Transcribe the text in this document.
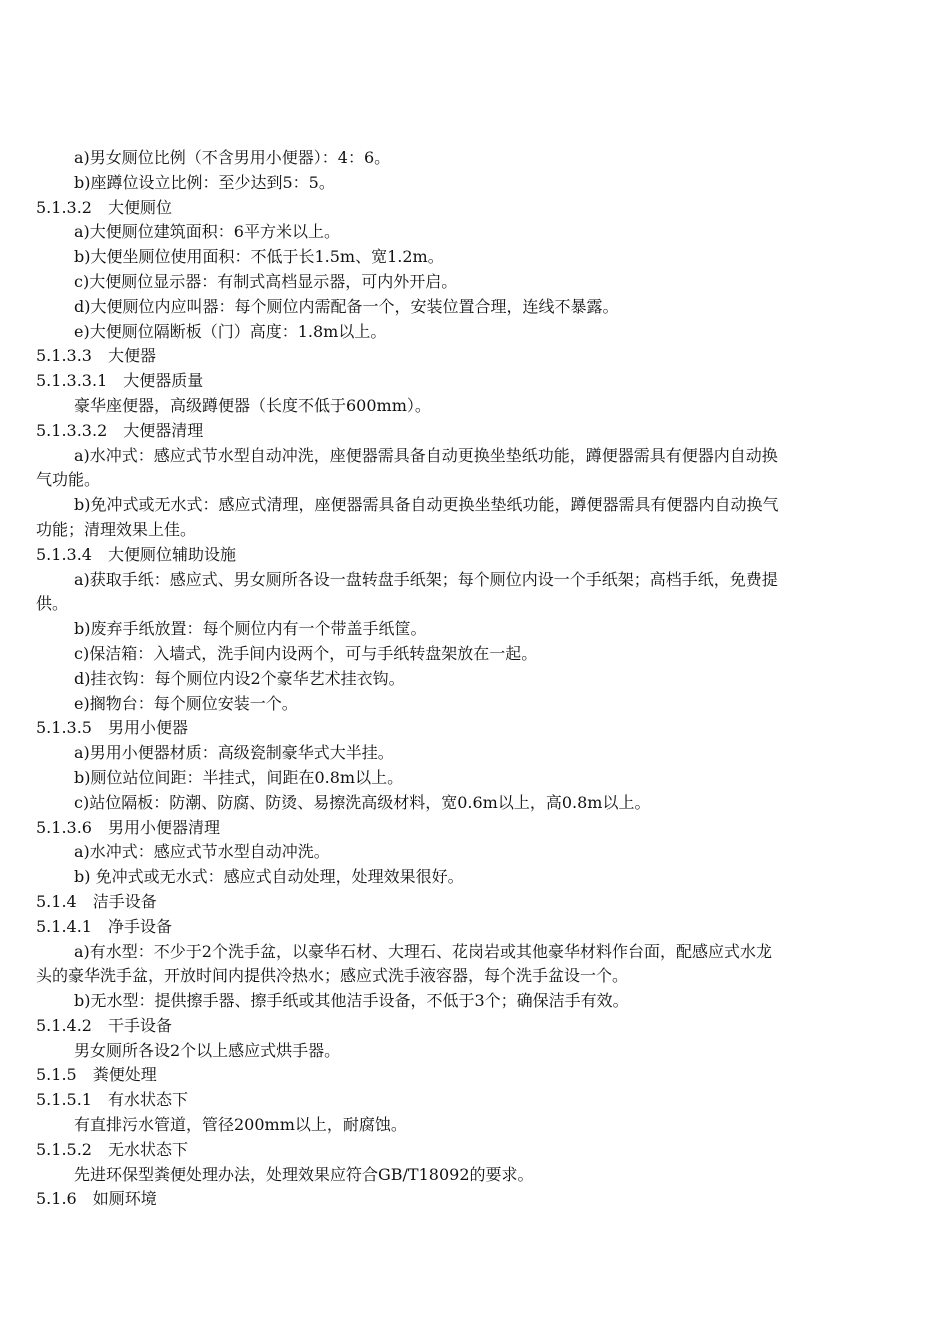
a)男女厕位比例（不含男用小便器）：4：6。
b)座蹲位设立比例：至少达到5：5。
5.1.3.2　大便厕位
a)大便厕位建筑面积：6平方米以上。
b)大便坐厕位使用面积：不低于长1.5m、宽1.2m。
c)大便厕位显示器：有制式高档显示器，可内外开启。
d)大便厕位内应叫器：每个厕位内需配备一个，安装位置合理，连线不暴露。
e)大便厕位隔断板（门）高度：1.8m以上。
5.1.3.3　大便器
5.1.3.3.1　大便器质量
豪华座便器，高级蹲便器（长度不低于600mm）。
5.1.3.3.2　大便器清理
a)水冲式：感应式节水型自动冲洗，座便器需具备自动更换坐垫纸功能，蹲便器需具有便器内自动换
气功能。
b)免冲式或无水式：感应式清理，座便器需具备自动更换坐垫纸功能，蹲便器需具有便器内自动换气
功能；清理效果上佳。
5.1.3.4　大便厕位辅助设施
a)获取手纸：感应式、男女厕所各设一盘转盘手纸架；每个厕位内设一个手纸架；高档手纸，免费提
供。
b)废弃手纸放置：每个厕位内有一个带盖手纸筐。
c)保洁箱：入墙式，洗手间内设两个，可与手纸转盘架放在一起。
d)挂衣钩：每个厕位内设2个豪华艺术挂衣钩。
e)搁物台：每个厕位安装一个。
5.1.3.5　男用小便器
a)男用小便器材质：高级瓷制豪华式大半挂。
b)厕位站位间距：半挂式，间距在0.8m以上。
c)站位隔板：防潮、防腐、防烫、易擦洗高级材料，宽0.6m以上，高0.8m以上。
5.1.3.6　男用小便器清理
a)水冲式：感应式节水型自动冲洗。
b) 免冲式或无水式：感应式自动处理，处理效果很好。
5.1.4　洁手设备
5.1.4.1　净手设备
a)有水型：不少于2个洗手盆，以豪华石材、大理石、花岗岩或其他豪华材料作台面，配感应式水龙
头的豪华洗手盆，开放时间内提供冷热水；感应式洗手液容器，每个洗手盆设一个。
b)无水型：提供擦手器、擦手纸或其他洁手设备，不低于3个；确保洁手有效。
5.1.4.2　干手设备
男女厕所各设2个以上感应式烘手器。
5.1.5　粪便处理
5.1.5.1　有水状态下
有直排污水管道，管径200mm以上，耐腐蚀。
5.1.5.2　无水状态下
先进环保型粪便处理办法，处理效果应符合GB/T18092的要求。
5.1.6　如厕环境
